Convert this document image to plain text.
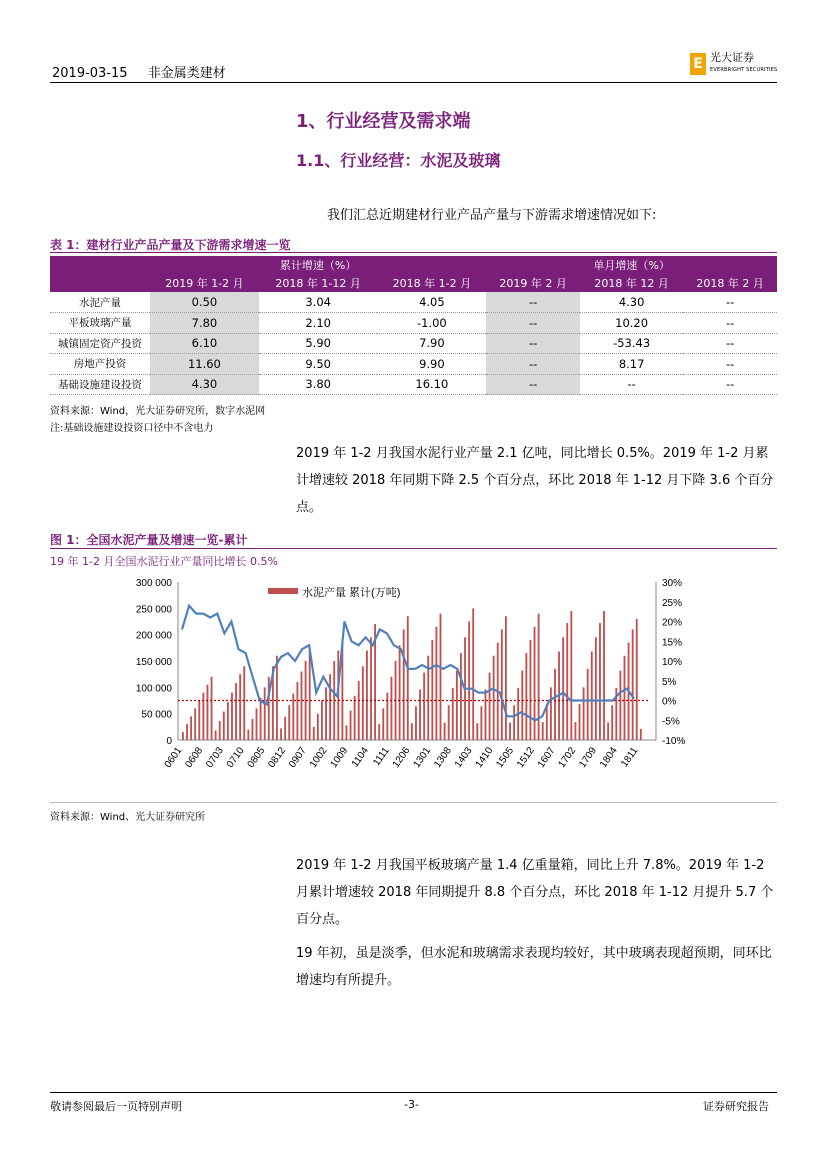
2019-03-15 非金属类建材
E 光大证券
EVERBRIGHT SECURITIES
1、行业经营及需求端
1.1、行业经营：水泥及玻璃
我们汇总近期建材行业产品产量与下游需求增速情况如下:
表 1：建材行业产品产量及下游需求增速一览
	累计增速（%）			单月增速（%）		
	2019 年 1-2 月	2018 年 1-12 月	2018 年 1-2 月	2019 年 2 月	2018 年 12 月	2018 年 2 月
水泥产量	0.50	3.04	4.05	--	4.30	--
平板玻璃产量	7.80	2.10	-1.00	--	10.20	--
城镇固定资产投资	6.10	5.90	7.90	--	-53.43	--
房地产投资	11.60	9.50	9.90	--	8.17	--
基础设施建设投资	4.30	3.80	16.10	--	--	--
资料来源：Wind，光大证券研究所，数字水泥网
注:基础设施建设投资口径中不含电力
2019 年 1-2 月我国水泥行业产量 2.1 亿吨，同比增长 0.5%。2019 年 1-2 月累计增速较 2018 年同期下降 2.5 个百分点，环比 2018 年 1-12 月下降 3.6 个百分点。
图 1：全国水泥产量及增速一览-累计
19 年 1-2 月全国水泥行业产量同比增长 0.5%
0
50 000
100 000
150 000
200 000
250 000
300 000
-10%
-5%
0%
5%
10%
15%
20%
25%
30%
水泥产量 累计(万吨)
0601
0608
0703
0710
0805
0812
0907
1002
1009 1104 1111
1206
1301
1308
1403
1410
1505
1512
1607
1702
1709
1804 1811
资料来源：Wind、光大证券研究所
2019 年 1-2 月我国平板玻璃产量 1.4 亿重量箱，同比上升 7.8%。2019 年 1-2 月累计增速较 2018 年同期提升 8.8 个百分点，环比 2018 年 1-12 月提升 5.7 个百分点。
19 年初，虽是淡季，但水泥和玻璃需求表现均较好，其中玻璃表现超预期，同环比增速均有所提升。
敬请参阅最后一页特别声明	-3-	证券研究报告
